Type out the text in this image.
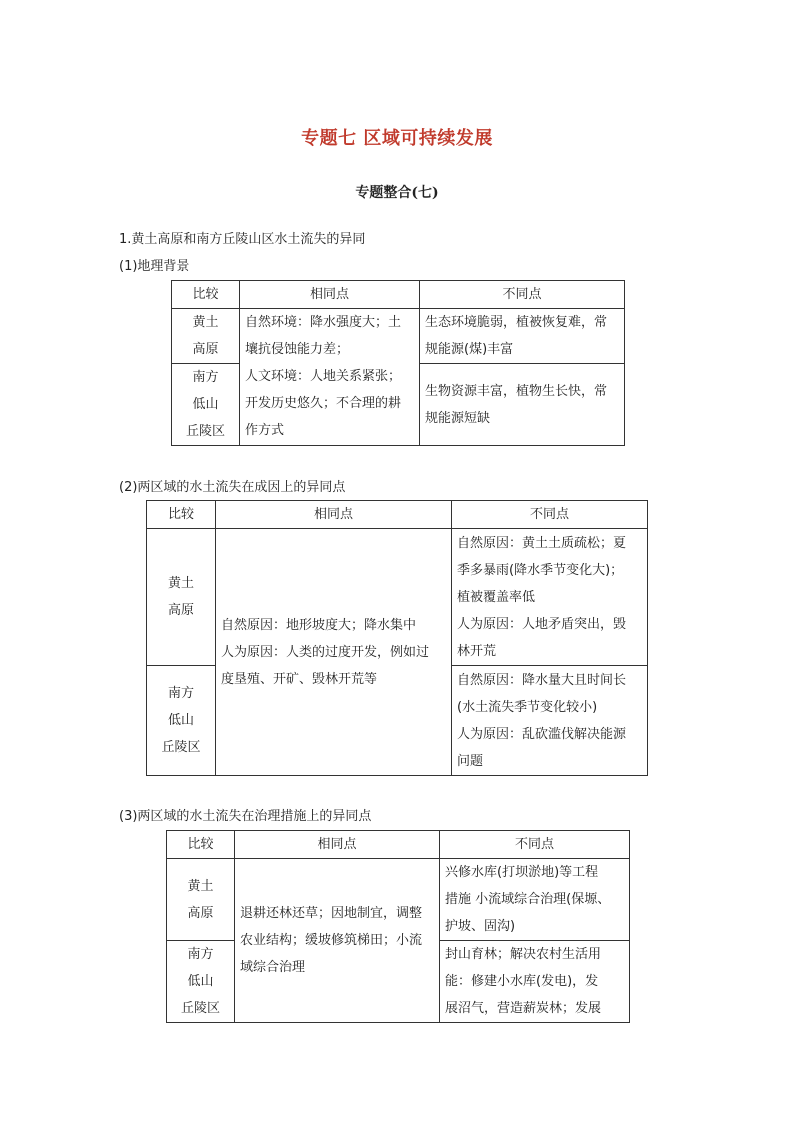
专题七 区域可持续发展
专题整合(七)
1.黄土高原和南方丘陵山区水土流失的异同
(1)地理背景
比较	相同点	不同点

黄土
高原	自然环境：降水强度大；土
壤抗侵蚀能力差；
人文环境：人地关系紧张；
开发历史悠久；不合理的耕
作方式	生态环境脆弱，植被恢复难，常
规能源(煤)丰富

南方
低山
丘陵区		生物资源丰富，植物生长快，常
规能源短缺
(2)两区域的水土流失在成因上的异同点
比较	相同点	不同点

黄土
高原	自然原因：地形坡度大；降水集中
人为原因：人类的过度开发，例如过
度垦殖、开矿、毁林开荒等	自然原因：黄土土质疏松；夏
季多暴雨(降水季节变化大)；
植被覆盖率低
人为原因：人地矛盾突出，毁
林开荒

南方
低山
丘陵区		自然原因：降水量大且时间长
(水土流失季节变化较小)
人为原因：乱砍滥伐解决能源
问题
(3)两区域的水土流失在治理措施上的异同点
比较	相同点	不同点

黄土
高原	退耕还林还草；因地制宜，调整
农业结构；缓坡修筑梯田；小流
域综合治理	兴修水库(打坝淤地)等工程
措施 小流域综合治理(保塬、
护坡、固沟)

南方
低山
丘陵区		封山育林；解决农村生活用
能：修建小水库(发电)，发
展沼气，营造薪炭林；发展
